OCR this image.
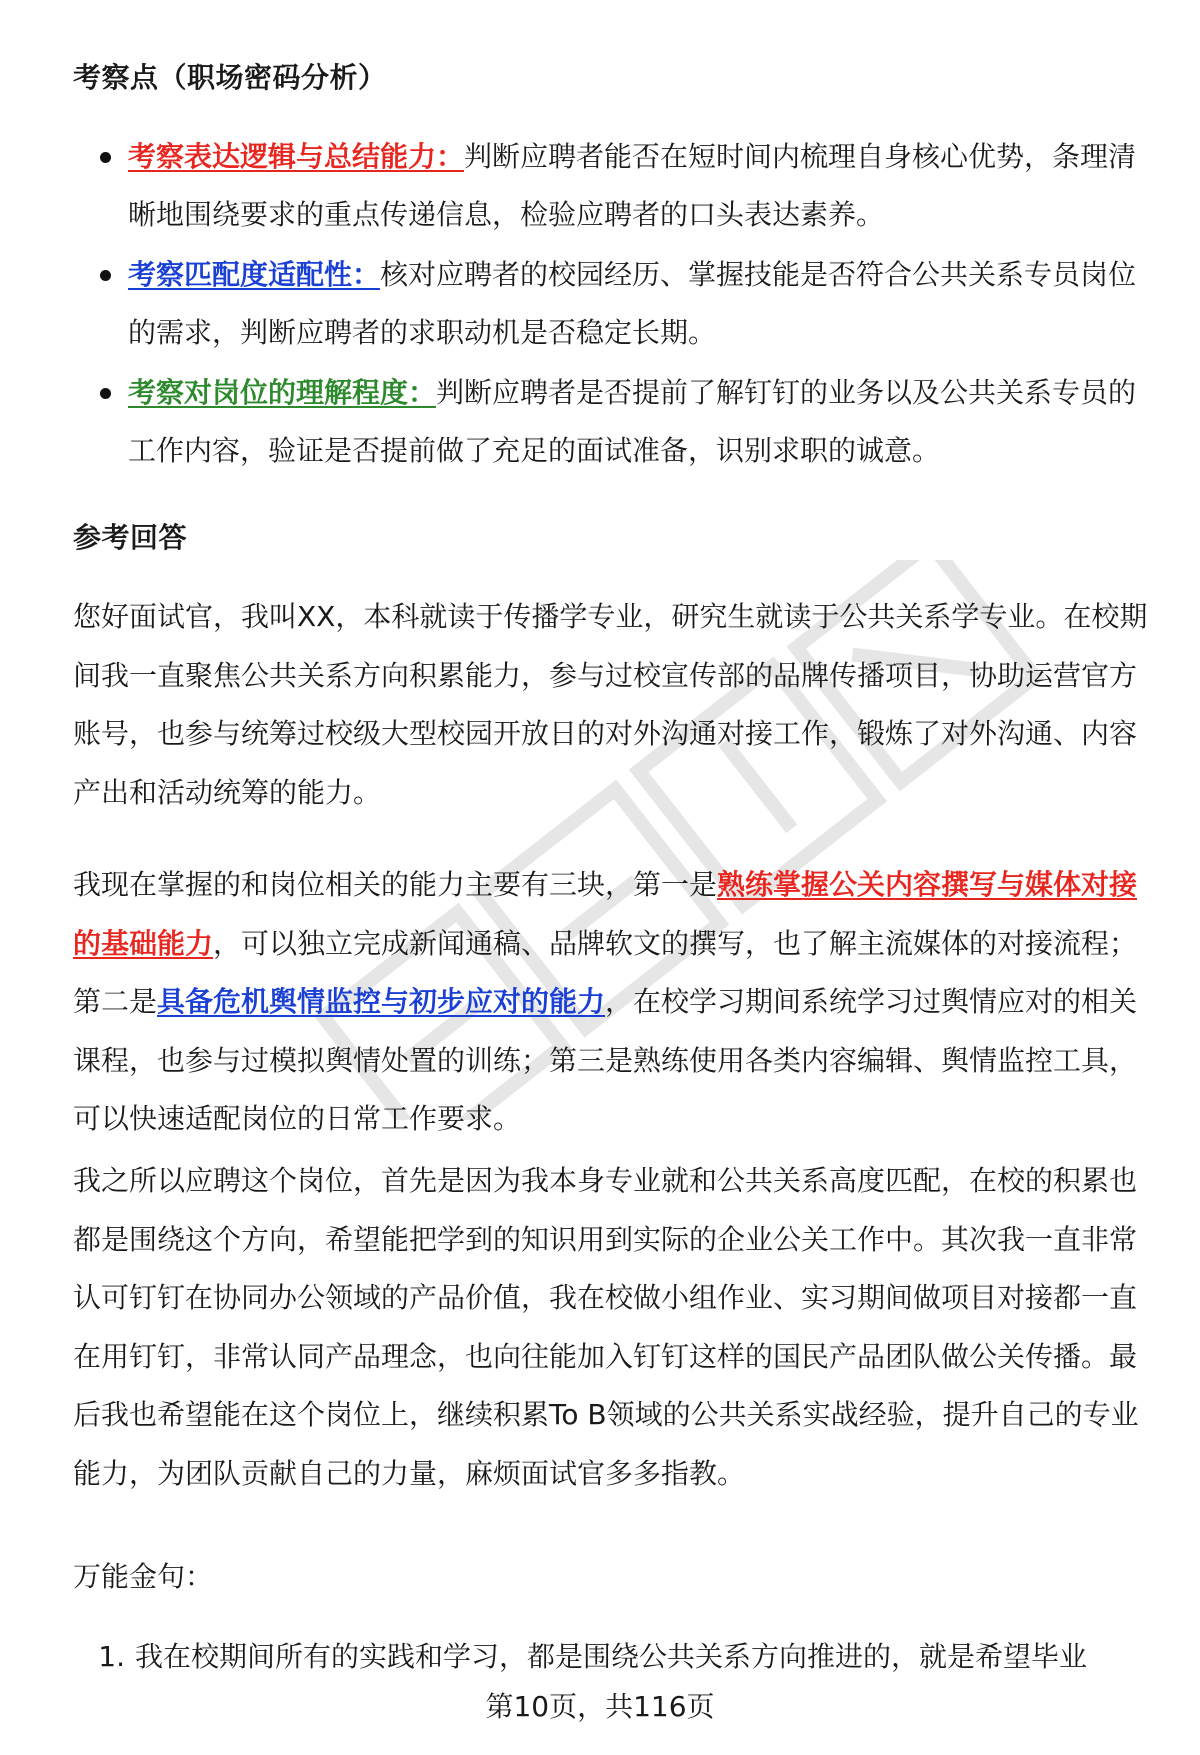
考察点（职场密码分析）
考察表达逻辑与总结能力：判断应聘者能否在短时间内梳理自身核心优势，条理清晰地围绕要求的重点传递信息，检验应聘者的口头表达素养。
考察匹配度适配性：核对应聘者的校园经历、掌握技能是否符合公共关系专员岗位的需求，判断应聘者的求职动机是否稳定长期。
考察对岗位的理解程度：判断应聘者是否提前了解钉钉的业务以及公共关系专员的工作内容，验证是否提前做了充足的面试准备，识别求职的诚意。
参考回答

您好面试官，我叫XX，本科就读于传播学专业，研究生就读于公共关系学专业。在校期间我一直聚焦公共关系方向积累能力，参与过校宣传部的品牌传播项目，协助运营官方账号，也参与统筹过校级大型校园开放日的对外沟通对接工作，锻炼了对外沟通、内容产出和活动统筹的能力。

我现在掌握的和岗位相关的能力主要有三块，第一是熟练掌握公关内容撰写与媒体对接的基础能力，可以独立完成新闻通稿、品牌软文的撰写，也了解主流媒体的对接流程；第二是具备危机舆情监控与初步应对的能力，在校学习期间系统学习过舆情应对的相关课程，也参与过模拟舆情处置的训练；第三是熟练使用各类内容编辑、舆情监控工具，可以快速适配岗位的日常工作要求。

我之所以应聘这个岗位，首先是因为我本身专业就和公共关系高度匹配，在校的积累也都是围绕这个方向，希望能把学到的知识用到实际的企业公关工作中。其次我一直非常认可钉钉在协同办公领域的产品价值，我在校做小组作业、实习期间做项目对接都一直在用钉钉，非常认同产品理念，也向往能加入钉钉这样的国民产品团队做公关传播。最后我也希望能在这个岗位上，继续积累To B领域的公共关系实战经验，提升自己的专业能力，为团队贡献自己的力量，麻烦面试官多多指教。

万能金句：
1. 我在校期间所有的实践和学习，都是围绕公共关系方向推进的，就是希望毕业
第10页，共116页
